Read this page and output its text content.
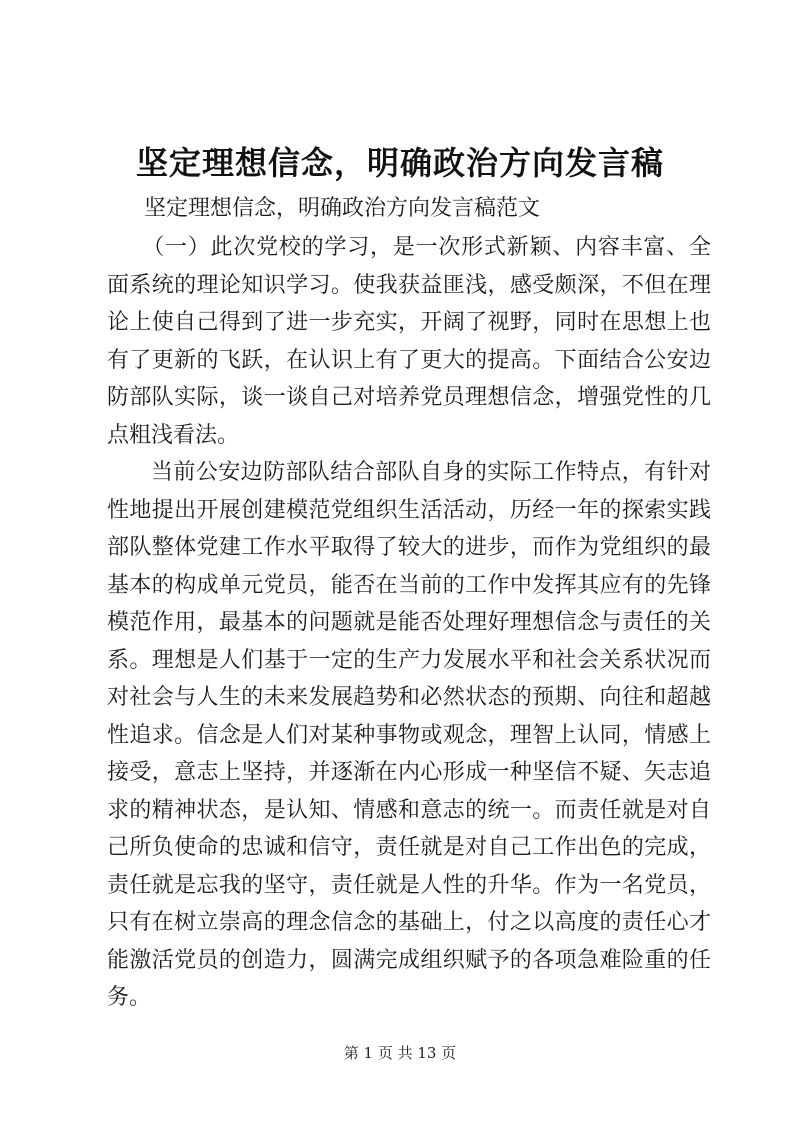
坚定理想信念，明确政治方向发言稿
坚定理想信念，明确政治方向发言稿范文

（一）此次党校的学习，是一次形式新颖、内容丰富、全面系统的理论知识学习。使我获益匪浅，感受颇深，不但在理论上使自己得到了进一步充实，开阔了视野，同时在思想上也有了更新的飞跃，在认识上有了更大的提高。下面结合公安边防部队实际，谈一谈自己对培养党员理想信念，增强党性的几点粗浅看法。

当前公安边防部队结合部队自身的实际工作特点，有针对性地提出开展创建模范党组织生活活动，历经一年的探索实践部队整体党建工作水平取得了较大的进步，而作为党组织的最基本的构成单元党员，能否在当前的工作中发挥其应有的先锋模范作用，最基本的问题就是能否处理好理想信念与责任的关系。理想是人们基于一定的生产力发展水平和社会关系状况而对社会与人生的未来发展趋势和必然状态的预期、向往和超越性追求。信念是人们对某种事物或观念，理智上认同，情感上接受，意志上坚持，并逐渐在内心形成一种坚信不疑、矢志追求的精神状态，是认知、情感和意志的统一。而责任就是对自己所负使命的忠诚和信守，责任就是对自己工作出色的完成，责任就是忘我的坚守，责任就是人性的升华。作为一名党员，只有在树立崇高的理念信念的基础上，付之以高度的责任心才能激活党员的创造力，圆满完成组织赋予的各项急难险重的任务。

第 1 页 共 13 页
